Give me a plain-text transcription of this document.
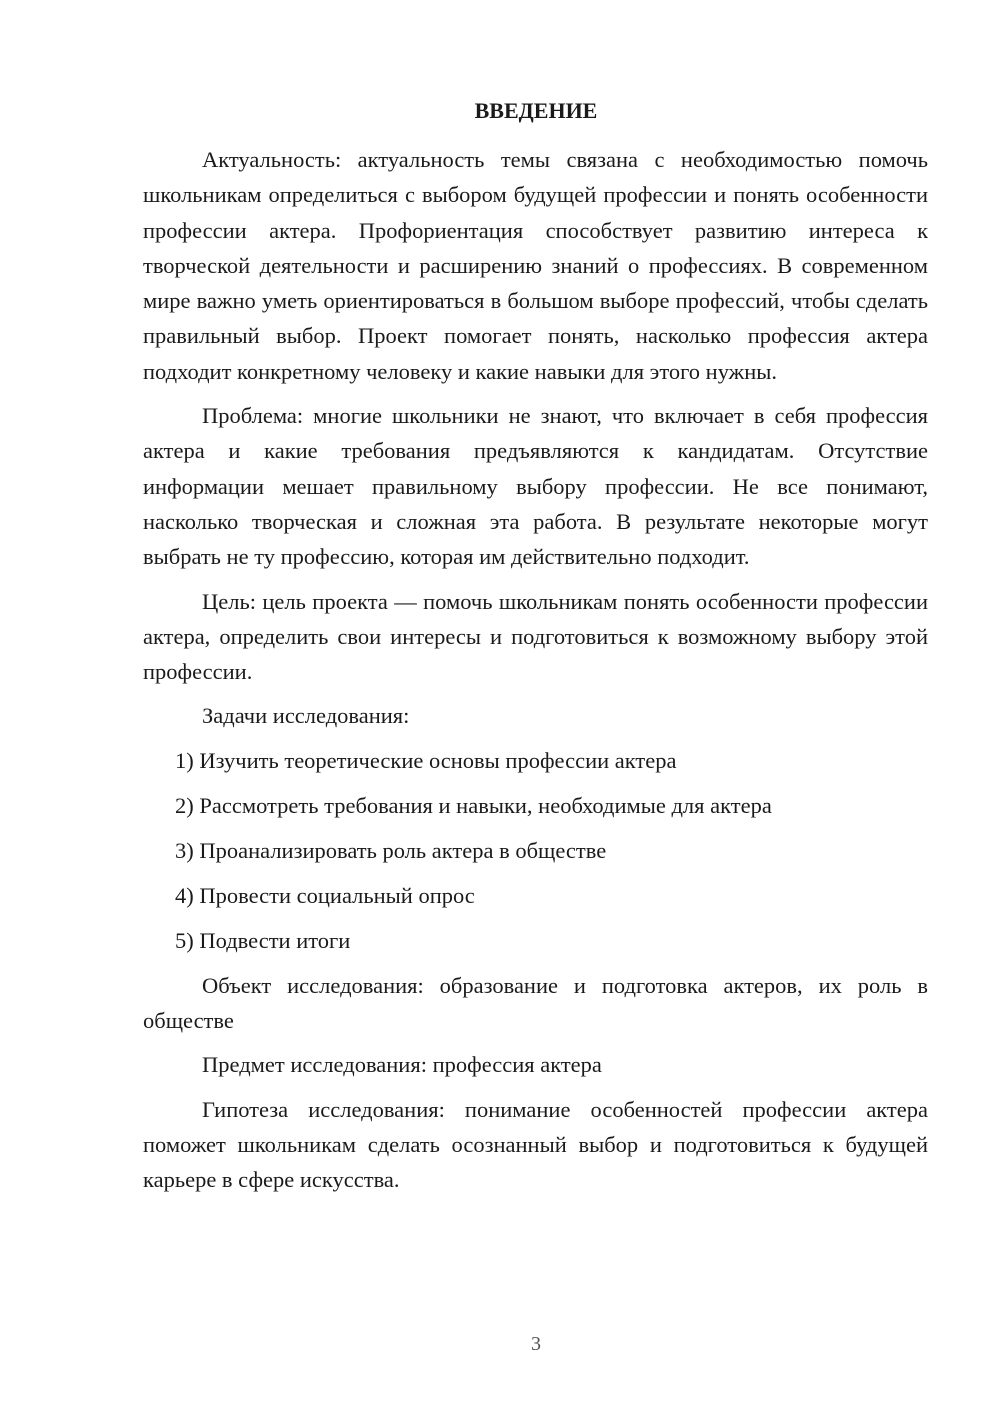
ВВЕДЕНИЕ

Актуальность: актуальность темы связана с необходимостью помочь школьникам определиться с выбором будущей профессии и понять особенности профессии актера. Профориентация способствует развитию интереса к творческой деятельности и расширению знаний о профессиях. В современном мире важно уметь ориентироваться в большом выборе профессий, чтобы сделать правильный выбор. Проект помогает понять, насколько профессия актера подходит конкретному человеку и какие навыки для этого нужны.

Проблема: многие школьники не знают, что включает в себя профессия актера и какие требования предъявляются к кандидатам. Отсутствие информации мешает правильному выбору профессии. Не все понимают, насколько творческая и сложная эта работа. В результате некоторые могут выбрать не ту профессию, которая им действительно подходит.

Цель: цель проекта — помочь школьникам понять особенности профессии актера, определить свои интересы и подготовиться к возможному выбору этой профессии.

Задачи исследования:

1) Изучить теоретические основы профессии актера
2) Рассмотреть требования и навыки, необходимые для актера
3) Проанализировать роль актера в обществе
4) Провести социальный опрос
5) Подвести итоги

Объект исследования: образование и подготовка актеров, их роль в обществе

Предмет исследования: профессия актера

Гипотеза исследования: понимание особенностей профессии актера поможет школьникам сделать осознанный выбор и подготовиться к будущей карьере в сфере искусства.

3
